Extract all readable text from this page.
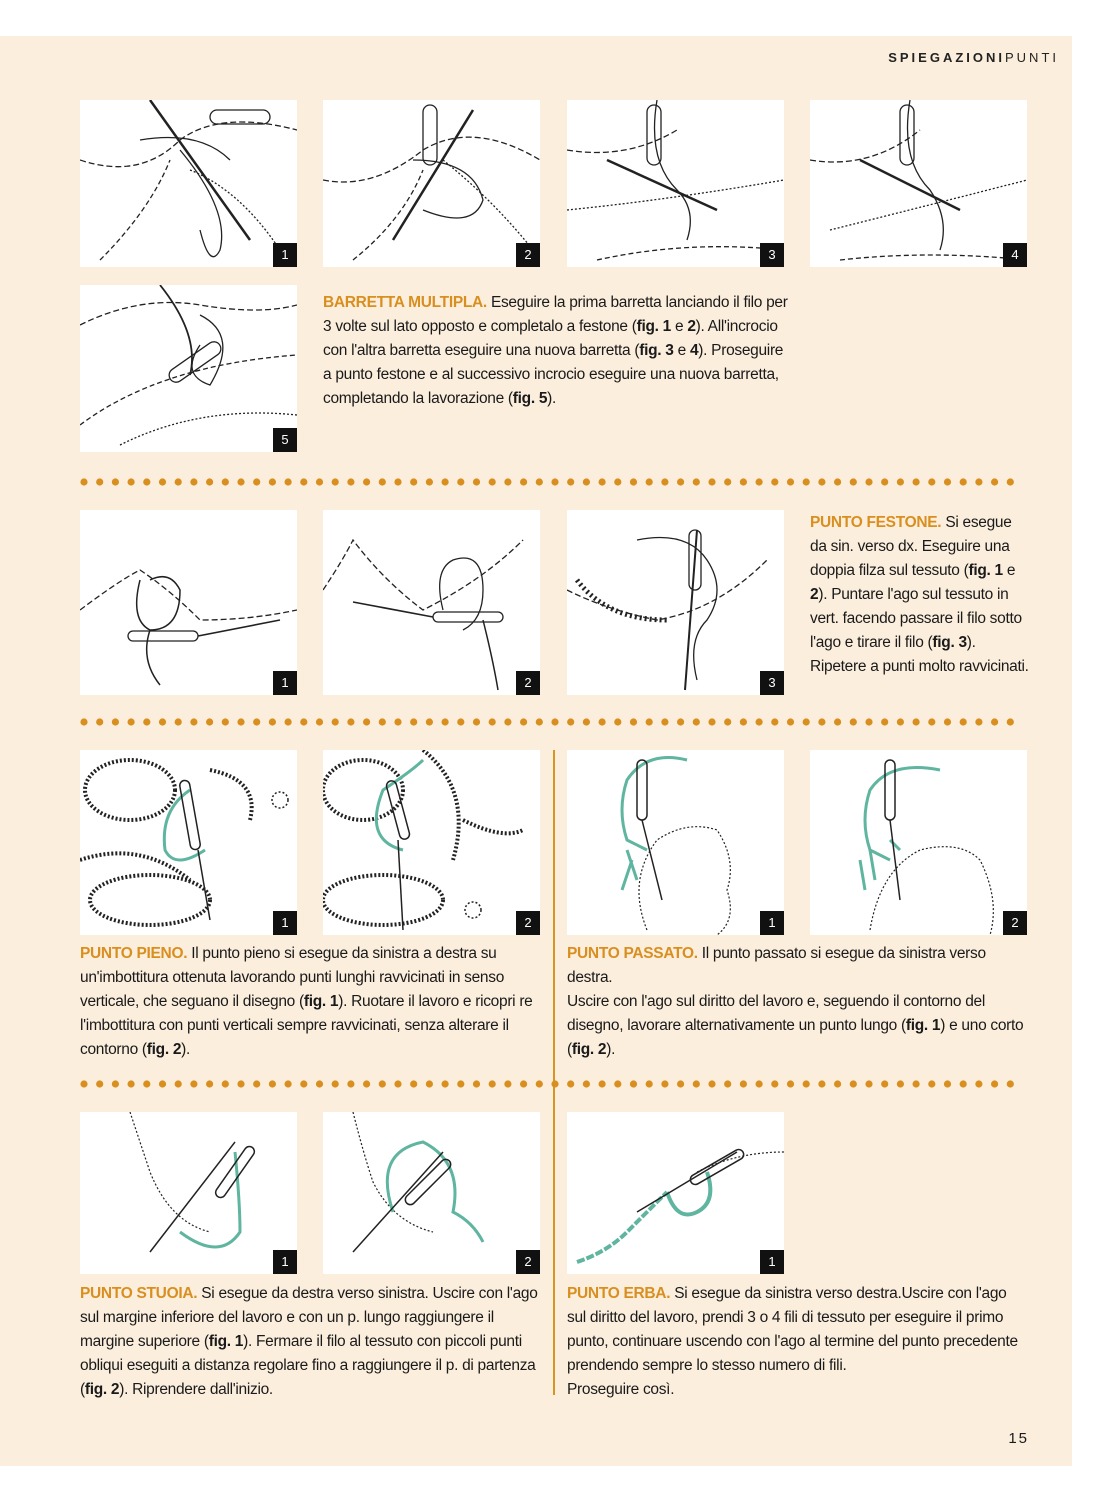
SPIEGAZIONIPUNTI
1	2	3	4
5
BARRETTA MULTIPLA. Eseguire la prima barretta lanciando il filo per 3 volte sul lato opposto e completalo a festone (fig. 1 e 2). All'incrocio con l'altra barretta eseguire una nuova barretta (fig. 3 e 4). Proseguire a punto festone e al successivo incrocio eseguire una nuova barretta, completando la lavorazione (fig. 5).
1	2	3
PUNTO FESTONE. Si esegue da sin. verso dx. Eseguire una doppia filza sul tessuto (fig. 1 e 2). Puntare l'ago sul tessuto in vert. facendo passare il filo sotto l'ago e tirare il filo (fig. 3). Ripetere a punti molto ravvicinati.
1	2	1	2
PUNTO PIENO. Il punto pieno si esegue da sinistra a destra su un'imbottitura ottenuta lavorando punti lunghi ravvicinati in senso verticale, che seguano il disegno (fig. 1). Ruotare il lavoro e ricopri re l'imbottitura con punti verticali sempre ravvicinati, senza alterare il contorno (fig. 2).
PUNTO PASSATO. Il punto passato si esegue da sinistra verso destra.
Uscire con l'ago sul diritto del lavoro e, seguendo il contorno del disegno, lavorare alternativamente un punto lungo (fig. 1) e uno corto (fig. 2).
1	2	1
PUNTO STUOIA. Si esegue da destra verso sinistra. Uscire con l'ago sul margine inferiore del lavoro e con un p. lungo raggiungere il margine superiore (fig. 1). Fermare il filo al tessuto con piccoli punti obliqui eseguiti a distanza regolare fino a raggiungere il p. di partenza (fig. 2). Riprendere dall'inizio.
PUNTO ERBA. Si esegue da sinistra verso destra.Uscire con l'ago sul diritto del lavoro, prendi 3 o 4 fili di tessuto per eseguire il primo punto, continuare uscendo con l'ago al termine del punto precedente prendendo sempre lo stesso numero di fili.
Proseguire così.
15
